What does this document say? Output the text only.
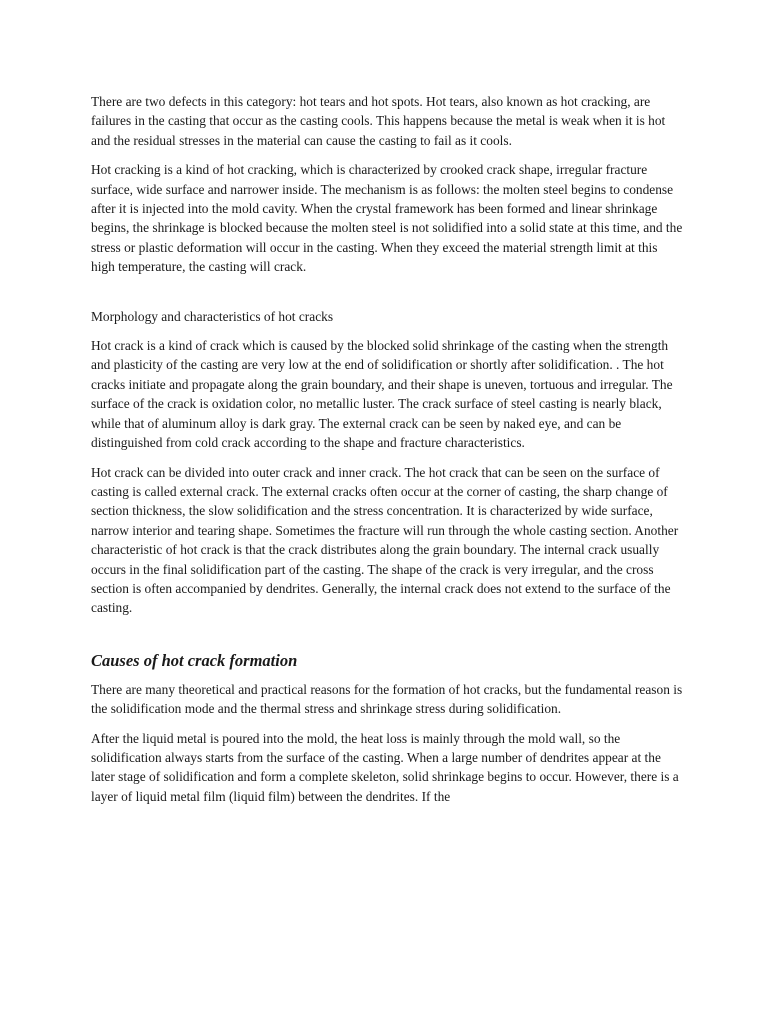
There are two defects in this category: hot tears and hot spots. Hot tears, also known as hot cracking, are failures in the casting that occur as the casting cools. This happens because the metal is weak when it is hot and the residual stresses in the material can cause the casting to fail as it cools.

Hot cracking is a kind of hot cracking, which is characterized by crooked crack shape, irregular fracture surface, wide surface and narrower inside. The mechanism is as follows: the molten steel begins to condense after it is injected into the mold cavity. When the crystal framework has been formed and linear shrinkage begins, the shrinkage is blocked because the molten steel is not solidified into a solid state at this time, and the stress or plastic deformation will occur in the casting. When they exceed the material strength limit at this high temperature, the casting will crack.

Morphology and characteristics of hot cracks

Hot crack is a kind of crack which is caused by the blocked solid shrinkage of the casting when the strength and plasticity of the casting are very low at the end of solidification or shortly after solidification. . The hot cracks initiate and propagate along the grain boundary, and their shape is uneven, tortuous and irregular. The surface of the crack is oxidation color, no metallic luster. The crack surface of steel casting is nearly black, while that of aluminum alloy is dark gray. The external crack can be seen by naked eye, and can be distinguished from cold crack according to the shape and fracture characteristics.

Hot crack can be divided into outer crack and inner crack. The hot crack that can be seen on the surface of casting is called external crack. The external cracks often occur at the corner of casting, the sharp change of section thickness, the slow solidification and the stress concentration. It is characterized by wide surface, narrow interior and tearing shape. Sometimes the fracture will run through the whole casting section. Another characteristic of hot crack is that the crack distributes along the grain boundary. The internal crack usually occurs in the final solidification part of the casting. The shape of the crack is very irregular, and the cross section is often accompanied by dendrites. Generally, the internal crack does not extend to the surface of the casting.

Causes of hot crack formation

There are many theoretical and practical reasons for the formation of hot cracks, but the fundamental reason is the solidification mode and the thermal stress and shrinkage stress during solidification.

After the liquid metal is poured into the mold, the heat loss is mainly through the mold wall, so the solidification always starts from the surface of the casting. When a large number of dendrites appear at the later stage of solidification and form a complete skeleton, solid shrinkage begins to occur. However, there is a layer of liquid metal film (liquid film) between the dendrites. If the
